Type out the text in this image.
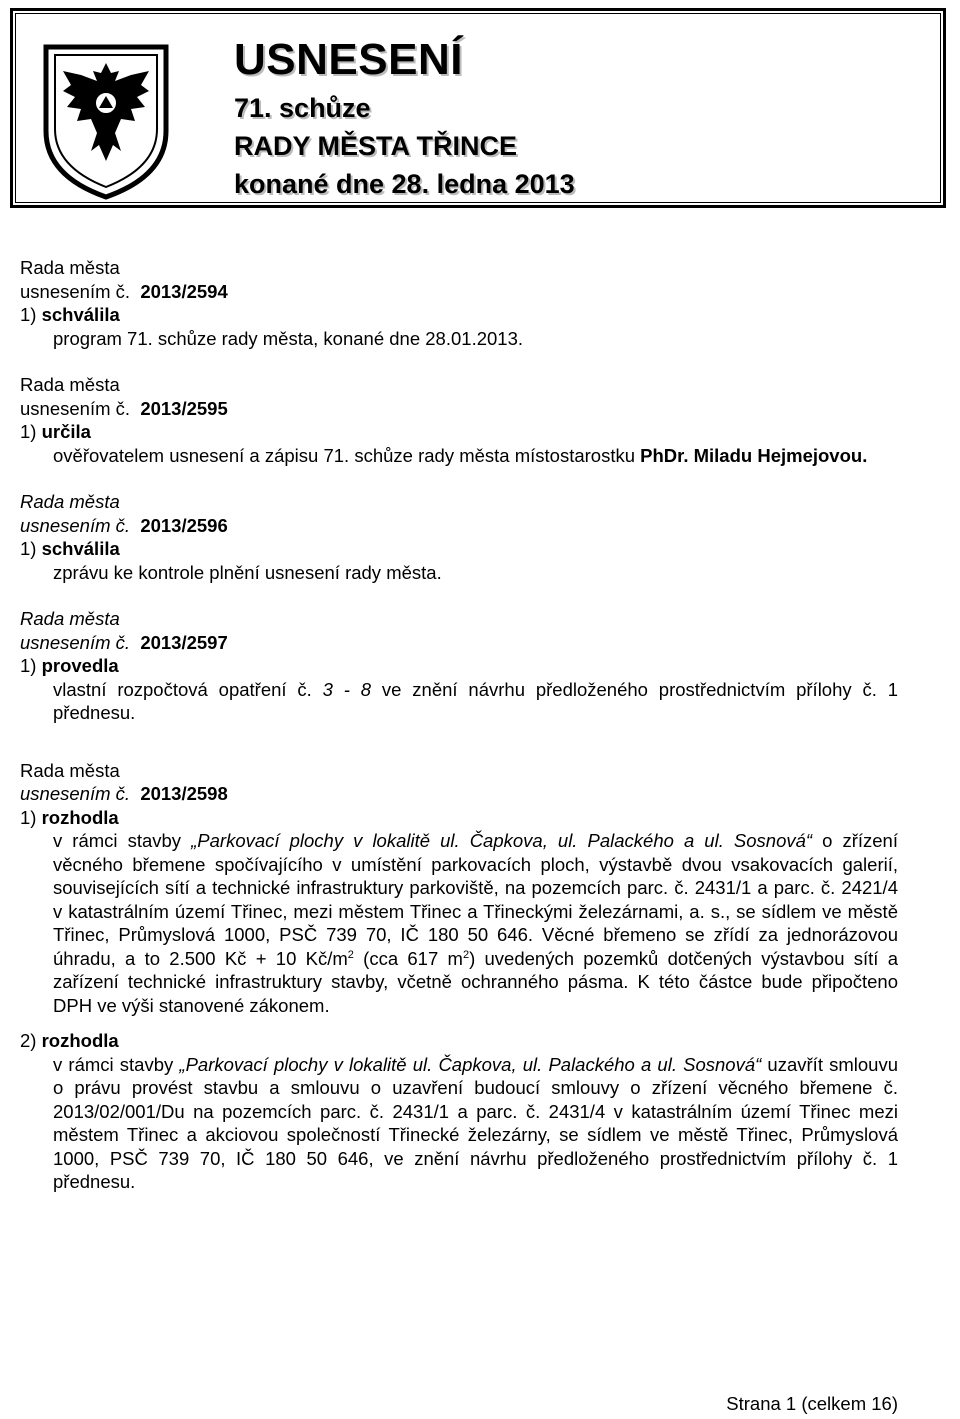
USNESENÍ
71. schůze
RADY MĚSTA TŘINCE
konané dne 28. ledna 2013
Rada města
usnesením č. 2013/2594
1) schválila
program 71. schůze rady města, konané dne 28.01.2013.
Rada města
usnesením č. 2013/2595
1) určila
ověřovatelem usnesení a zápisu 71. schůze rady města místostarostku PhDr. Miladu Hejmejovou.
Rada města
usnesením č. 2013/2596
1) schválila
zprávu ke kontrole plnění usnesení rady města.
Rada města
usnesením č. 2013/2597
1) provedla
vlastní rozpočtová opatření č. 3 - 8 ve znění návrhu předloženého prostřednictvím přílohy č. 1 přednesu.
Rada města
usnesením č. 2013/2598
1) rozhodla
v rámci stavby „Parkovací plochy v lokalitě ul. Čapkova, ul. Palackého a ul. Sosnová“ o zřízení věcného břemene spočívajícího v umístění parkovacích ploch, výstavbě dvou vsakovacích galerií, souvisejících sítí a technické infrastruktury parkoviště, na pozemcích parc. č. 2431/1 a parc. č. 2421/4 v katastrálním území Třinec, mezi městem Třinec a Třineckými železárnami, a. s., se sídlem ve městě Třinec, Průmyslová 1000, PSČ 739 70, IČ 180 50 646. Věcné břemeno se zřídí za jednorázovou úhradu, a to 2.500 Kč + 10 $Kč/m^2$ (cca 617 $m^2$) uvedených pozemků dotčených výstavbou sítí a zařízení technické infrastruktury stavby, včetně ochranného pásma. K této částce bude připočteno DPH ve výši stanovené zákonem.
2) rozhodla
v rámci stavby „Parkovací plochy v lokalitě ul. Čapkova, ul. Palackého a ul. Sosnová“ uzavřít smlouvu o právu provést stavbu a smlouvu o uzavření budoucí smlouvy o zřízení věcného břemene č. 2013/02/001/Du na pozemcích parc. č. 2431/1 a parc. č. 2431/4 v katastrálním území Třinec mezi městem Třinec a akciovou společností Třinecké železárny, se sídlem ve městě Třinec, Průmyslová 1000, PSČ 739 70, IČ 180 50 646, ve znění návrhu předloženého prostřednictvím přílohy č. 1 přednesu.
Strana 1 (celkem 16)
